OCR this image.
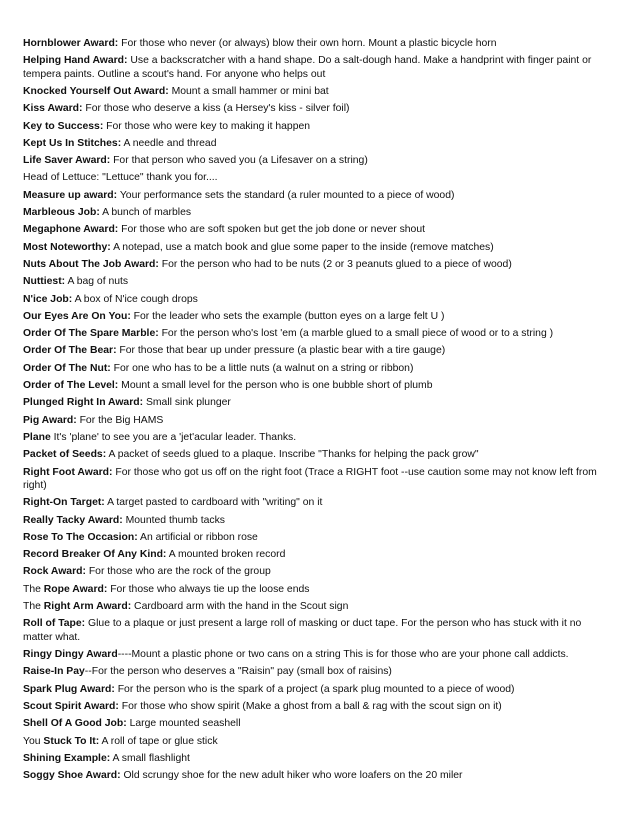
Hornblower Award: For those who never (or always) blow their own horn. Mount a plastic bicycle horn

Helping Hand Award: Use a backscratcher with a hand shape. Do a salt-dough hand. Make a handprint with finger paint or tempera paints. Outline a scout's hand. For anyone who helps out

Knocked Yourself Out Award: Mount a small hammer or mini bat

Kiss Award: For those who deserve a kiss (a Hersey's kiss - silver foil)

Key to Success: For those who were key to making it happen

Kept Us In Stitches: A needle and thread

Life Saver Award: For that person who saved you (a Lifesaver on a string)

Head of Lettuce: "Lettuce" thank you for....

Measure up award: Your performance sets the standard (a ruler mounted to a piece of wood)

Marbleous Job: A bunch of marbles

Megaphone Award: For those who are soft spoken but get the job done or never shout

Most Noteworthy: A notepad, use a match book and glue some paper to the inside (remove matches)

Nuts About The Job Award: For the person who had to be nuts (2 or 3 peanuts glued to a piece of wood)

Nuttiest: A bag of nuts

N'ice Job: A box of N'ice cough drops

Our Eyes Are On You: For the leader who sets the example (button eyes on a large felt U )

Order Of The Spare Marble: For the person who's lost 'em (a marble glued to a small piece of wood or to a string )

Order Of The Bear: For those that bear up under pressure (a plastic bear with a tire gauge)

Order Of The Nut: For one who has to be a little nuts (a walnut on a string or ribbon)

Order of The Level: Mount a small level for the person who is one bubble short of plumb

Plunged Right In Award: Small sink plunger

Pig Award: For the Big HAMS

Plane It's 'plane' to see you are a 'jet'acular leader. Thanks.

Packet of Seeds: A packet of seeds glued to a plaque. Inscribe "Thanks for helping the pack grow"

Right Foot Award: For those who got us off on the right foot (Trace a RIGHT foot --use caution some may not know left from right)

Right-On Target: A target pasted to cardboard with "writing" on it

Really Tacky Award: Mounted thumb tacks

Rose To The Occasion: An artificial or ribbon rose

Record Breaker Of Any Kind: A mounted broken record

Rock Award: For those who are the rock of the group

The Rope Award: For those who always tie up the loose ends

The Right Arm Award: Cardboard arm with the hand in the Scout sign

Roll of Tape: Glue to a plaque or just present a large roll of masking or duct tape. For the person who has stuck with it no matter what.

Ringy Dingy Award----Mount a plastic phone or two cans on a string This is for those who are your phone call addicts.

Raise-In Pay--For the person who deserves a "Raisin" pay (small box of raisins)

Spark Plug Award: For the person who is the spark of a project (a spark plug mounted to a piece of wood)

Scout Spirit Award: For those who show spirit (Make a ghost from a ball & rag with the scout sign on it)

Shell Of A Good Job: Large mounted seashell

You Stuck To It: A roll of tape or glue stick

Shining Example: A small flashlight

Soggy Shoe Award: Old scrungy shoe for the new adult hiker who wore loafers on the 20 miler
